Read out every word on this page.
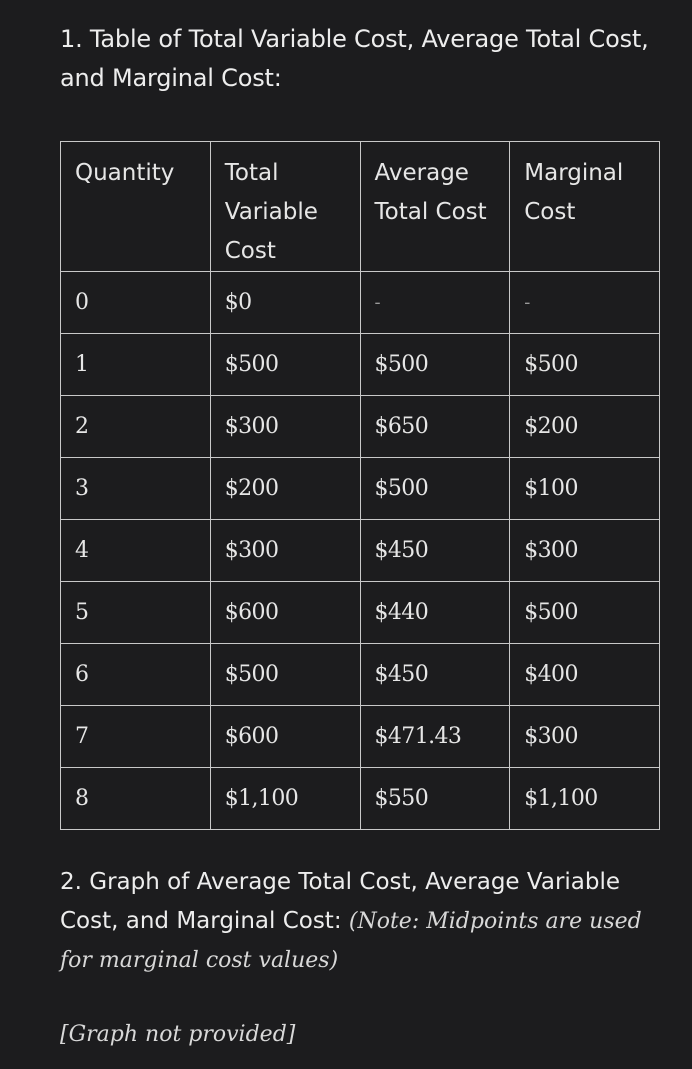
1. Table of Total Variable Cost, Average Total Cost, and Marginal Cost:

Quantity	Total Variable Cost	Average Total Cost	Marginal Cost
0	$0	-	-
1	$500	$500	$500
2	$300	$650	$200
3	$200	$500	$100
4	$300	$450	$300
5	$600	$440	$500
6	$500	$450	$400
7	$600	$471.43	$300
8	$1,100	$550	$1,100
2. Graph of Average Total Cost, Average Variable Cost, and Marginal Cost: (Note: Midpoints are used for marginal cost values)
[Graph not provided]
